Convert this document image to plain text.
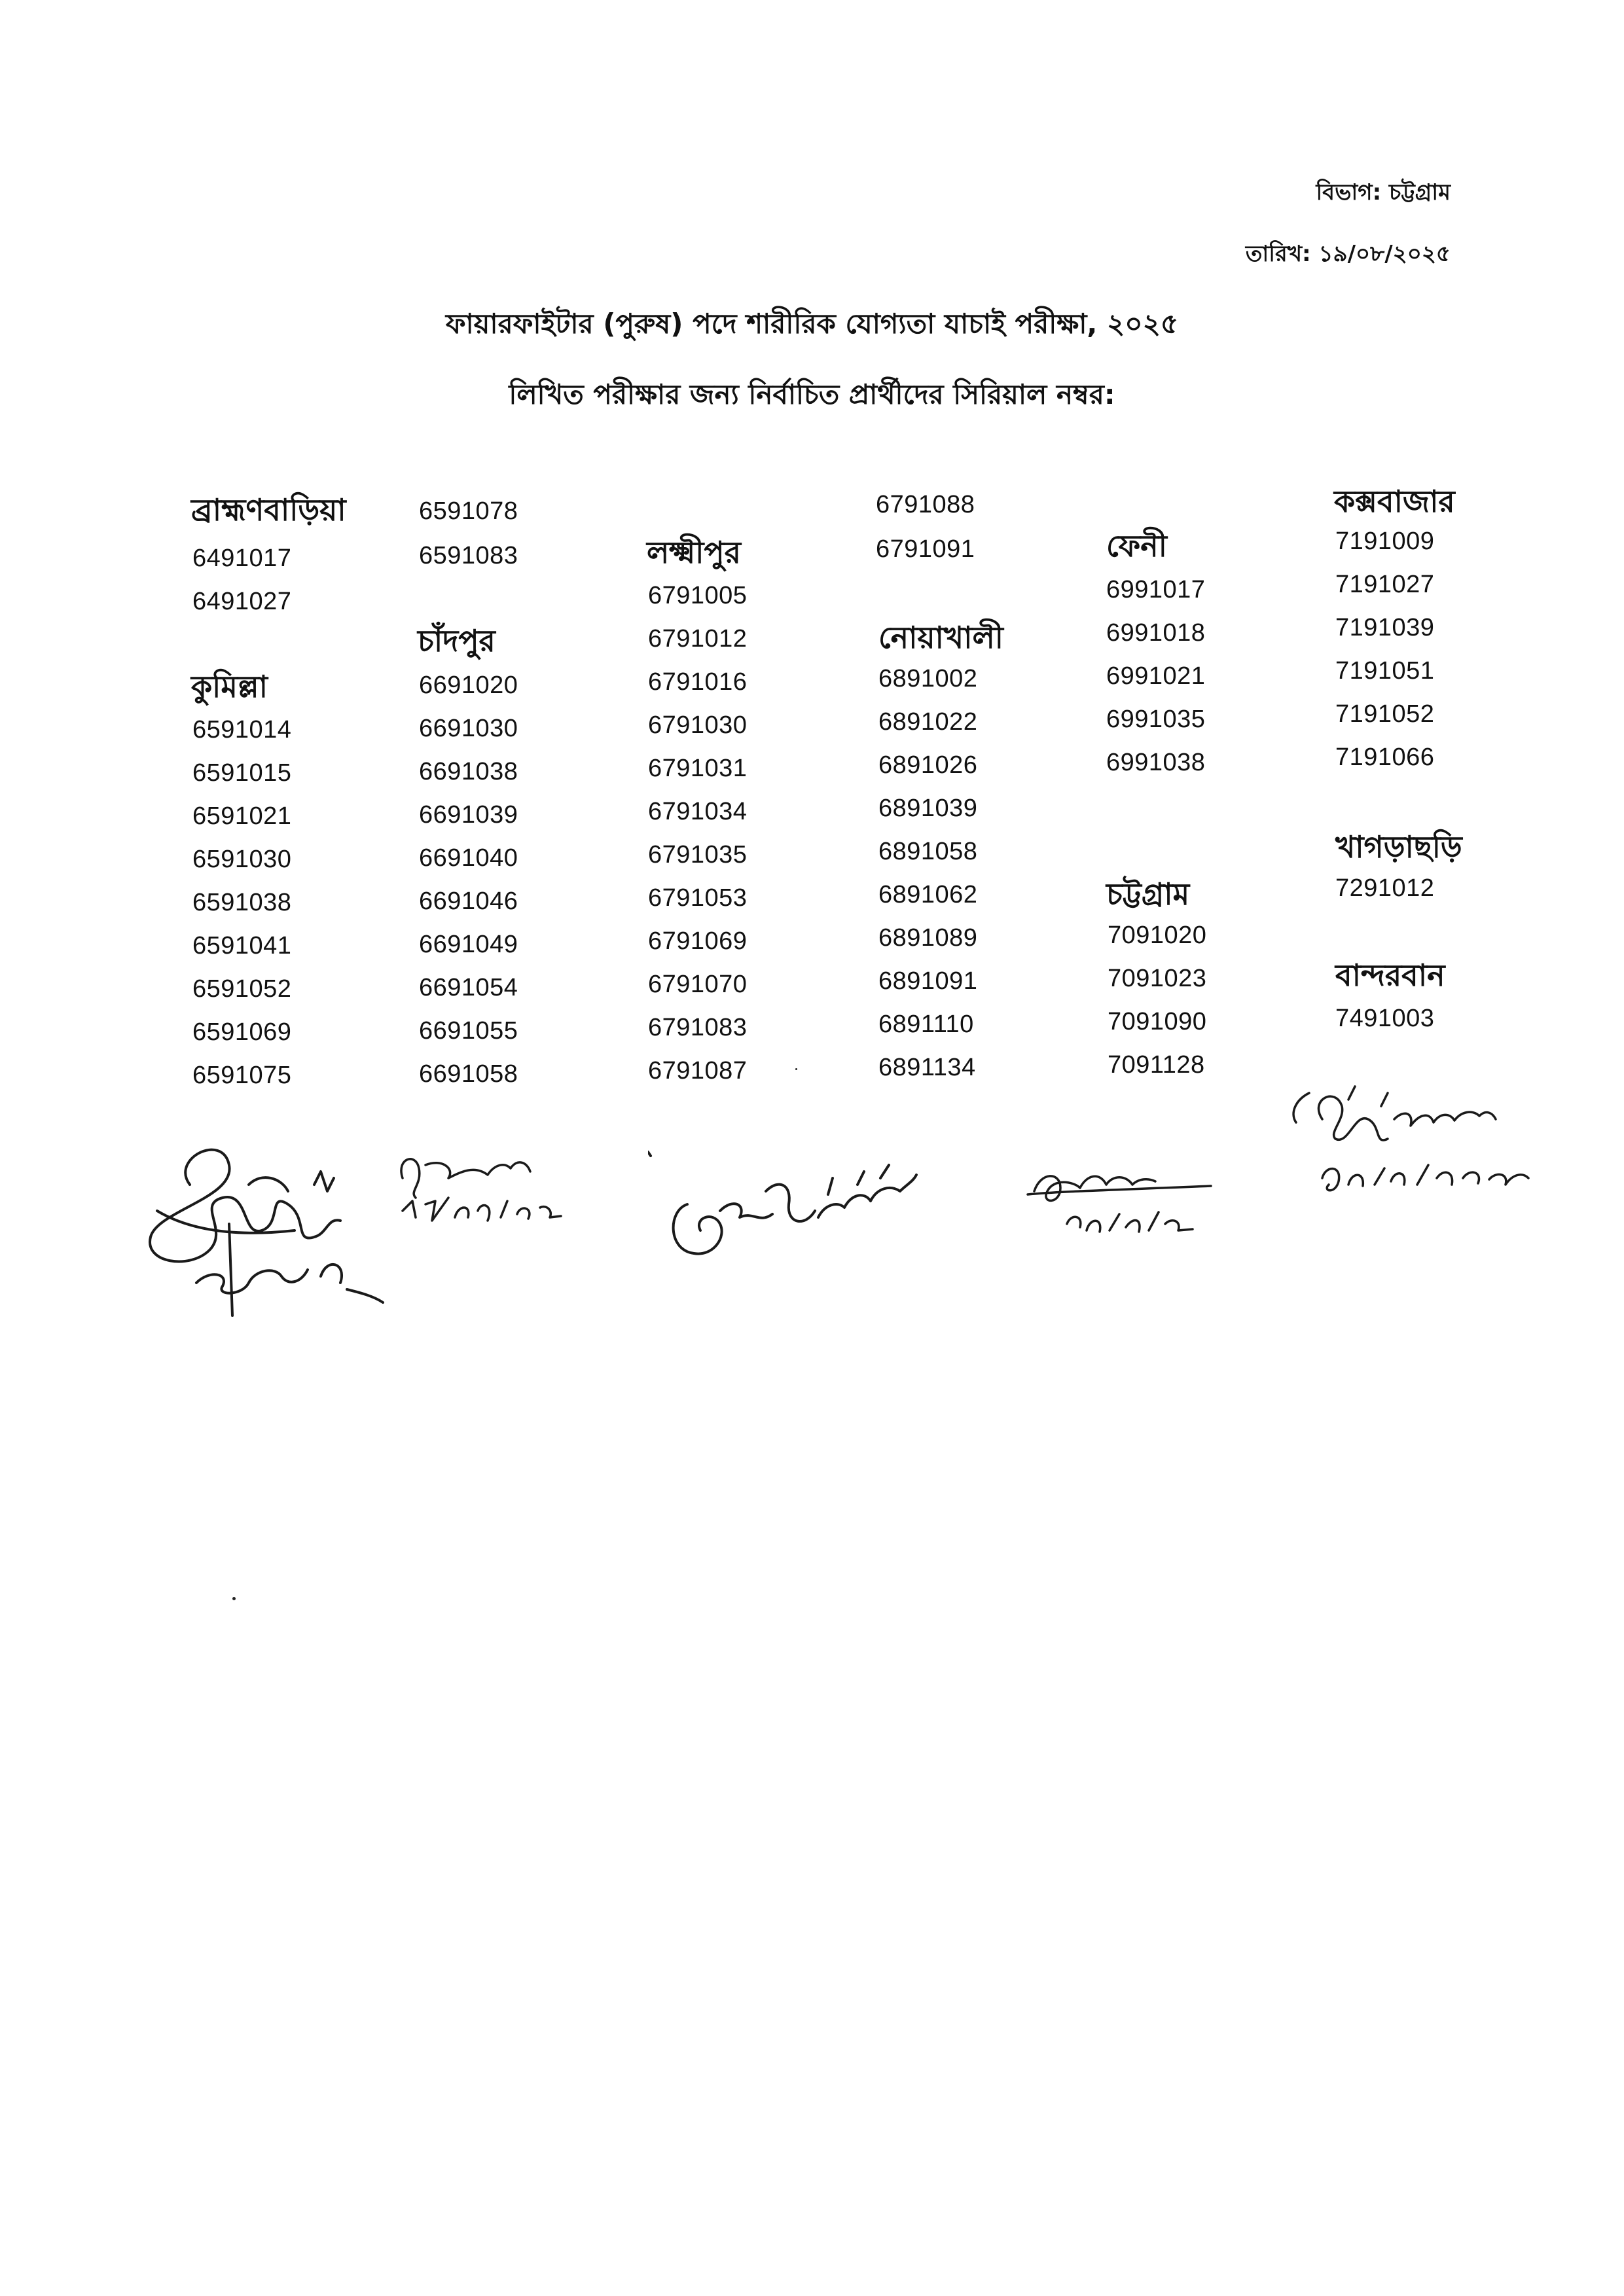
বিভাগ: চট্টগ্রাম
তারিখ: ১৯/০৮/২০২৫
ফায়ারফাইটার (পুরুষ) পদে শারীরিক যোগ্যতা যাচাই পরীক্ষা, ২০২৫
লিখিত পরীক্ষার জন্য নির্বাচিত প্রার্থীদের সিরিয়াল নম্বর:
ব্রাহ্মণবাড়িয়া
6491017
6491027
কুমিল্লা
6591014
6591015
6591021
6591030
6591038
6591041
6591052
6591069
6591075
6591078
6591083
চাঁদপুর
6691020
6691030
6691038
6691039
6691040
6691046
6691049
6691054
6691055
6691058
লক্ষ্মীপুর
6791005
6791012
6791016
6791030
6791031
6791034
6791035
6791053
6791069
6791070
6791083
6791087
6791088
6791091
নোয়াখালী
6891002
6891022
6891026
6891039
6891058
6891062
6891089
6891091
6891110
6891134
ফেনী
6991017
6991018
6991021
6991035
6991038
চট্টগ্রাম
7091020
7091023
7091090
7091128
কক্সবাজার
7191009
7191027
7191039
7191051
7191052
7191066
খাগড়াছড়ি
7291012
বান্দরবান
7491003
